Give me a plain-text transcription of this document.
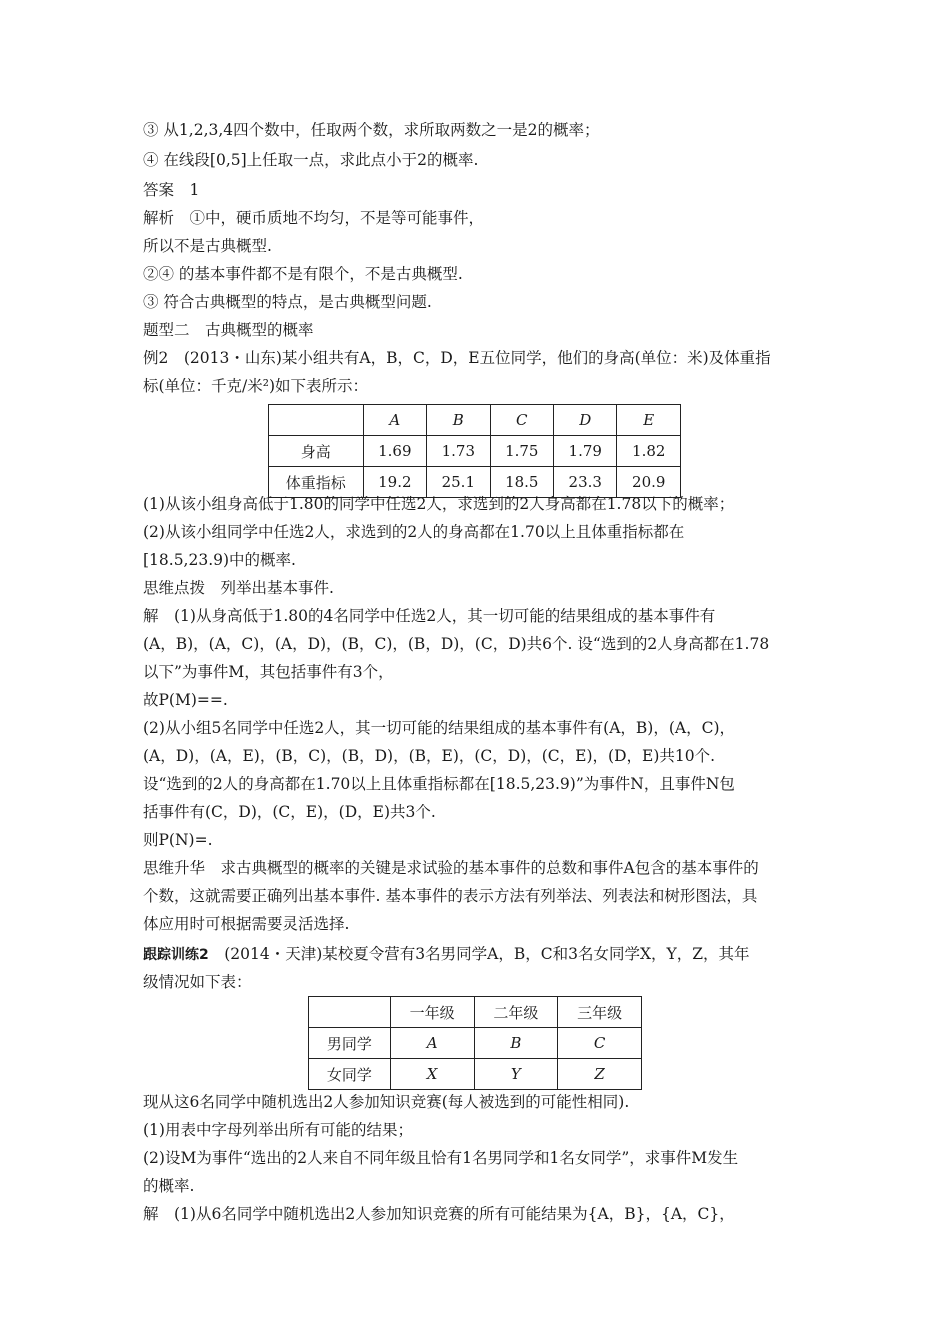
③ 从1,2,3,4四个数中，任取两个数，求所取两数之一是2的概率；
④ 在线段[0,5]上任取一点，求此点小于2的概率.
答案　1
解析　①中，硬币质地不均匀，不是等可能事件，
所以不是古典概型.
②④ 的基本事件都不是有限个，不是古典概型.
③ 符合古典概型的特点，是古典概型问题.
题型二　古典概型的概率
例2　(2013・山东)某小组共有A，B，C，D，E五位同学，他们的身高(单位：米)及体重指
标(单位：千克/米²)如下表所示：
	A	B	C	D	E
身高	1.69	1.73	1.75	1.79	1.82
体重指标	19.2	25.1	18.5	23.3	20.9
(1)从该小组身高低于1.80的同学中任选2人，求选到的2人身高都在1.78以下的概率；
(2)从该小组同学中任选2人，求选到的2人的身高都在1.70以上且体重指标都在
[18.5,23.9)中的概率.
思维点拨　列举出基本事件.
解　(1)从身高低于1.80的4名同学中任选2人，其一切可能的结果组成的基本事件有
(A，B)，(A，C)，(A，D)，(B，C)，(B，D)，(C，D)共6个. 设“选到的2人身高都在1.78
以下”为事件M，其包括事件有3个，
故P(M)==.
(2)从小组5名同学中任选2人，其一切可能的结果组成的基本事件有(A，B)，(A，C)，
(A，D)，(A，E)，(B，C)，(B，D)，(B，E)，(C，D)，(C，E)，(D，E)共10个.
设“选到的2人的身高都在1.70以上且体重指标都在[18.5,23.9)”为事件N，且事件N包
括事件有(C，D)，(C，E)，(D，E)共3个.
则P(N)=.
思维升华　求古典概型的概率的关键是求试验的基本事件的总数和事件A包含的基本事件的
个数，这就需要正确列出基本事件. 基本事件的表示方法有列举法、列表法和树形图法，具
体应用时可根据需要灵活选择.
跟踪训练2　(2014・天津)某校夏令营有3名男同学A，B，C和3名女同学X，Y，Z，其年
级情况如下表：
	一年级	二年级	三年级
男同学	A	B	C
女同学	X	Y	Z
现从这6名同学中随机选出2人参加知识竞赛(每人被选到的可能性相同).
(1)用表中字母列举出所有可能的结果；
(2)设M为事件“选出的2人来自不同年级且恰有1名男同学和1名女同学”，求事件M发生
的概率.
解　(1)从6名同学中随机选出2人参加知识竞赛的所有可能结果为{A，B}，{A，C}，
